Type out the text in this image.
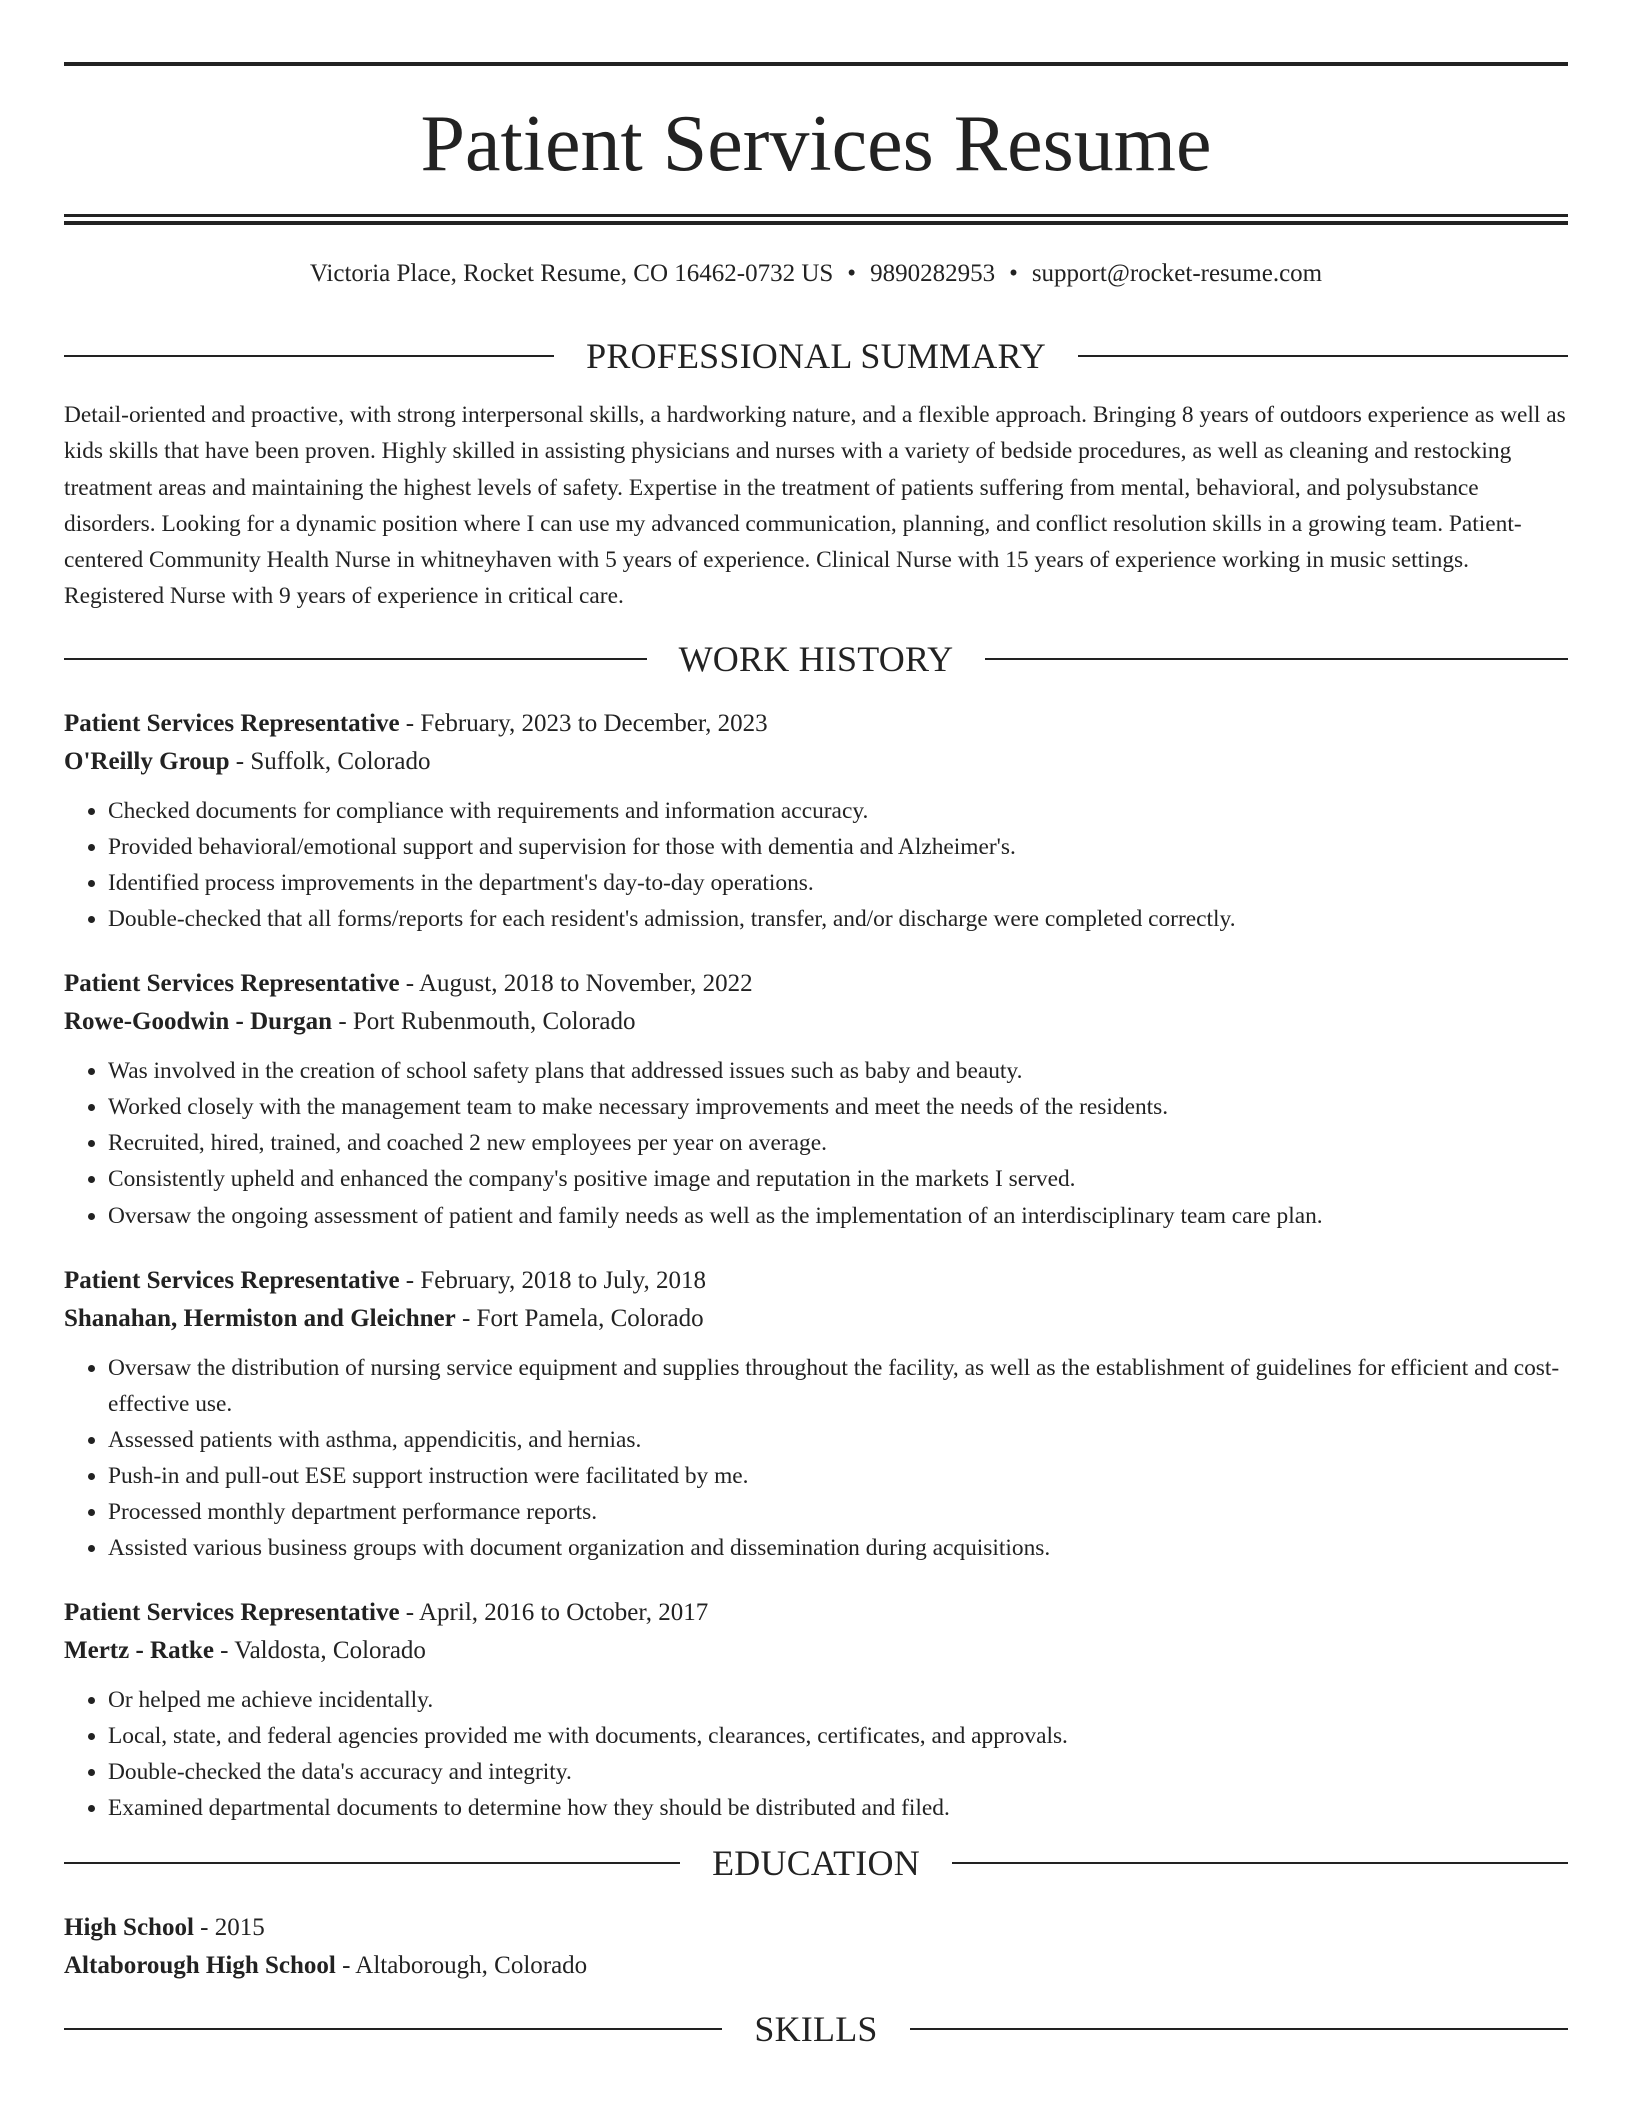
Patient Services Resume
Victoria Place, Rocket Resume, CO 16462-0732 US • 9890282953 • support@rocket-resume.com
PROFESSIONAL SUMMARY
Detail-oriented and proactive, with strong interpersonal skills, a hardworking nature, and a flexible approach. Bringing 8 years of outdoors experience as well as kids skills that have been proven. Highly skilled in assisting physicians and nurses with a variety of bedside procedures, as well as cleaning and restocking treatment areas and maintaining the highest levels of safety. Expertise in the treatment of patients suffering from mental, behavioral, and polysubstance disorders. Looking for a dynamic position where I can use my advanced communication, planning, and conflict resolution skills in a growing team. Patient-centered Community Health Nurse in whitneyhaven with 5 years of experience. Clinical Nurse with 15 years of experience working in music settings. Registered Nurse with 9 years of experience in critical care.
WORK HISTORY
Patient Services Representative - February, 2023 to December, 2023
O'Reilly Group - Suffolk, Colorado
• Checked documents for compliance with requirements and information accuracy.
• Provided behavioral/emotional support and supervision for those with dementia and Alzheimer's.
• Identified process improvements in the department's day-to-day operations.
• Double-checked that all forms/reports for each resident's admission, transfer, and/or discharge were completed correctly.
Patient Services Representative - August, 2018 to November, 2022
Rowe-Goodwin - Durgan - Port Rubenmouth, Colorado
• Was involved in the creation of school safety plans that addressed issues such as baby and beauty.
• Worked closely with the management team to make necessary improvements and meet the needs of the residents.
• Recruited, hired, trained, and coached 2 new employees per year on average.
• Consistently upheld and enhanced the company's positive image and reputation in the markets I served.
• Oversaw the ongoing assessment of patient and family needs as well as the implementation of an interdisciplinary team care plan.
Patient Services Representative - February, 2018 to July, 2018
Shanahan, Hermiston and Gleichner - Fort Pamela, Colorado
• Oversaw the distribution of nursing service equipment and supplies throughout the facility, as well as the establishment of guidelines for efficient and cost-effective use.
• Assessed patients with asthma, appendicitis, and hernias.
• Push-in and pull-out ESE support instruction were facilitated by me.
• Processed monthly department performance reports.
• Assisted various business groups with document organization and dissemination during acquisitions.
Patient Services Representative - April, 2016 to October, 2017
Mertz - Ratke - Valdosta, Colorado
• Or helped me achieve incidentally.
• Local, state, and federal agencies provided me with documents, clearances, certificates, and approvals.
• Double-checked the data's accuracy and integrity.
• Examined departmental documents to determine how they should be distributed and filed.
EDUCATION
High School - 2015
Altaborough High School - Altaborough, Colorado
SKILLS
